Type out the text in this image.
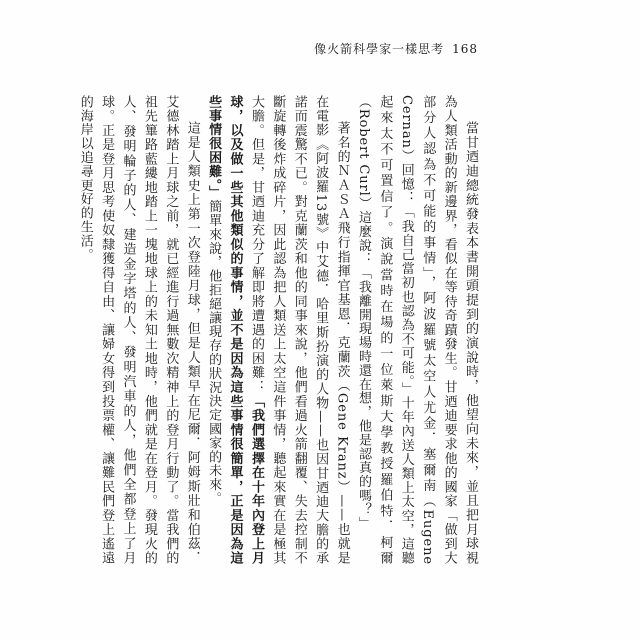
像火箭科學家一樣思考 168

當甘迺迪總統發表本書開頭提到的演說時，他望向未來，並且把月球視為人類活動的新邊界，看似在等待奇蹟發生。甘迺迪要求他的國家「做到大部分人認為不可能的事情」，阿波羅號太空人尤金．塞爾南（Eugene Cernan）回憶：「我自己當初也認為不可能。」十年內送人類上太空，這聽起來太不可置信了。演說當時在場的一位萊斯大學教授羅伯特．柯爾（Robert Curl）這麼說：「我離開現場時還在想，他是認真的嗎？」

著名的ＮＡＳＡ飛行指揮官基恩．克蘭茨（Gene Kranz）——也就是在電影《阿波羅13號》中艾德．哈里斯扮演的人物——也因甘迺迪大膽的承諾而震驚不已。對克蘭茨和他的同事來說，他們看過火箭翻覆、失去控制不斷旋轉後炸成碎片，因此認為把人類送上太空這件事情，聽起來實在是極其大膽。但是，甘迺迪充分了解即將遭遇的困難：「我們選擇在十年內登上月球，以及做一些其他類似的事情，並不是因為這些事情很簡單，正是因為這些事情很困難。」簡單來說，他拒絕讓現存的狀況決定國家的未來。

這是人類史上第一次登陸月球，但是人類早在尼爾．阿姆斯壯和伯茲．艾德林踏上月球之前，就已經進行過無數次精神上的登月行動了。當我們的祖先篳路藍縷地踏上一塊地球上的未知土地時，他們就是在登月。發現火的人、發明輪子的人、建造金字塔的人、發明汽車的人，他們全都登上了月球。正是登月思考使奴隸獲得自由、讓婦女得到投票權、讓難民們登上遙遠的海岸以追尋更好的生活。
